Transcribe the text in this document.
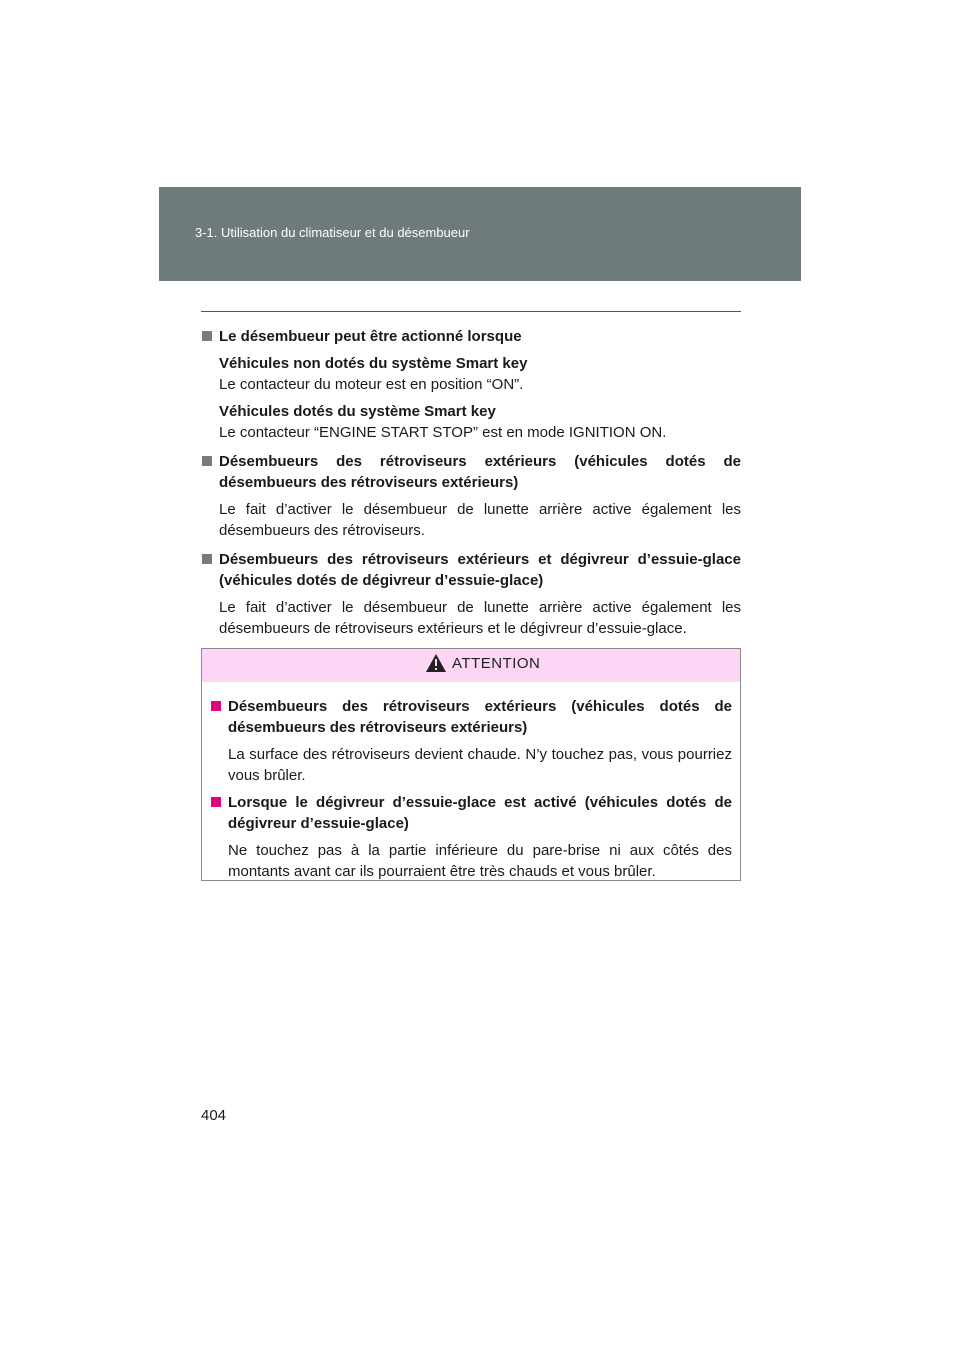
3-1. Utilisation du climatiseur et du désembueur
Le désembueur peut être actionné lorsque
Véhicules non dotés du système Smart key
Le contacteur du moteur est en position “ON”.
Véhicules dotés du système Smart key
Le contacteur “ENGINE START STOP” est en mode IGNITION ON.
Désembueurs des rétroviseurs extérieurs (véhicules dotés de désembueurs des rétroviseurs extérieurs)
Le fait d’activer le désembueur de lunette arrière active également les désembueurs des rétroviseurs.
Désembueurs des rétroviseurs extérieurs et dégivreur d’essuie-glace (véhicules dotés de dégivreur d’essuie-glace)
Le fait d’activer le désembueur de lunette arrière active également les désembueurs de rétroviseurs extérieurs et le dégivreur d’essuie-glace.
ATTENTION
Désembueurs des rétroviseurs extérieurs (véhicules dotés de désembueurs des rétroviseurs extérieurs)
La surface des rétroviseurs devient chaude. N’y touchez pas, vous pourriez vous brûler.
Lorsque le dégivreur d’essuie-glace est activé (véhicules dotés de dégivreur d’essuie-glace)
Ne touchez pas à la partie inférieure du pare-brise ni aux côtés des montants avant car ils pourraient être très chauds et vous brûler.
404
